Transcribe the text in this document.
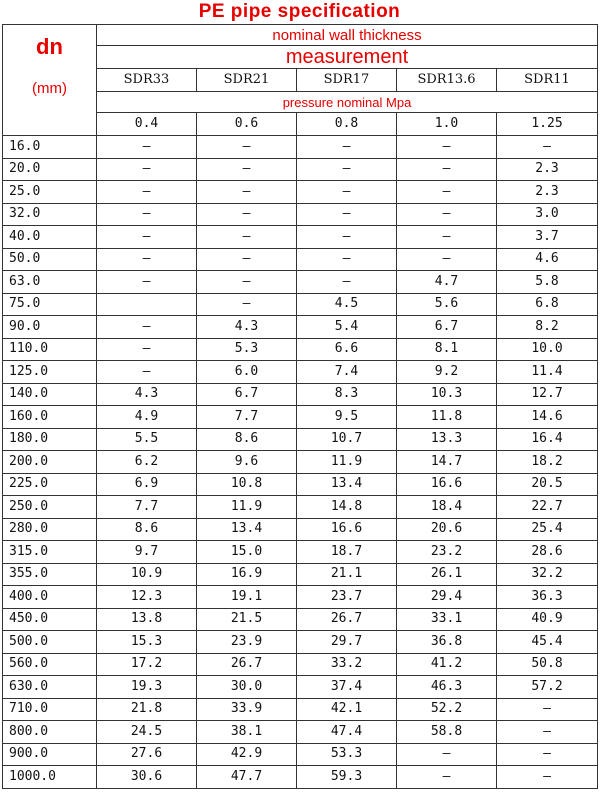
PE pipe specification
dn
(mm)	nominal wall thickness				
	measurement				
	SDR33	SDR21	SDR17	SDR13.6	SDR11
	pressure nominal Mpa				
	0.4	0.6	0.8	1.0	1.25

16.0	–	–	–	–	–
20.0	–	–	–	–	2.3
25.0	–	–	–	–	2.3
32.0	–	–	–	–	3.0
40.0	–	–	–	–	3.7
50.0	–	–	–	–	4.6
63.0	–	–	–	4.7	5.8
75.0		–	4.5	5.6	6.8
90.0	–	4.3	5.4	6.7	8.2
110.0	–	5.3	6.6	8.1	10.0
125.0	–	6.0	7.4	9.2	11.4
140.0	4.3	6.7	8.3	10.3	12.7
160.0	4.9	7.7	9.5	11.8	14.6
180.0	5.5	8.6	10.7	13.3	16.4
200.0	6.2	9.6	11.9	14.7	18.2
225.0	6.9	10.8	13.4	16.6	20.5
250.0	7.7	11.9	14.8	18.4	22.7
280.0	8.6	13.4	16.6	20.6	25.4
315.0	9.7	15.0	18.7	23.2	28.6
355.0	10.9	16.9	21.1	26.1	32.2
400.0	12.3	19.1	23.7	29.4	36.3
450.0	13.8	21.5	26.7	33.1	40.9
500.0	15.3	23.9	29.7	36.8	45.4
560.0	17.2	26.7	33.2	41.2	50.8
630.0	19.3	30.0	37.4	46.3	57.2
710.0	21.8	33.9	42.1	52.2	–
800.0	24.5	38.1	47.4	58.8	–
900.0	27.6	42.9	53.3	–	–
1000.0	30.6	47.7	59.3	–	–
